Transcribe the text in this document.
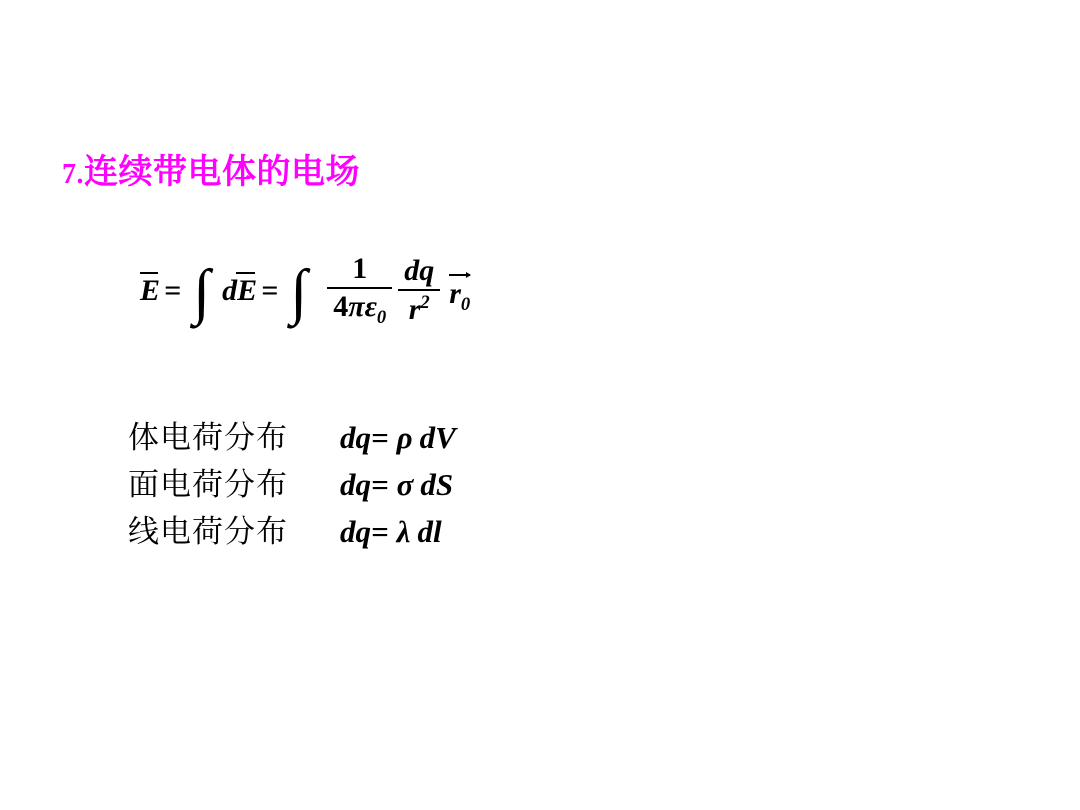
7.连续带电体的电场
E = ∫ dE = ∫ $\frac{1}{4\pi\varepsilon_0} \frac{dq}{r^2} r_0$
体电荷分布	dq= ρ dV
面电荷分布	dq= σ dS
线电荷分布	dq= λ dl
